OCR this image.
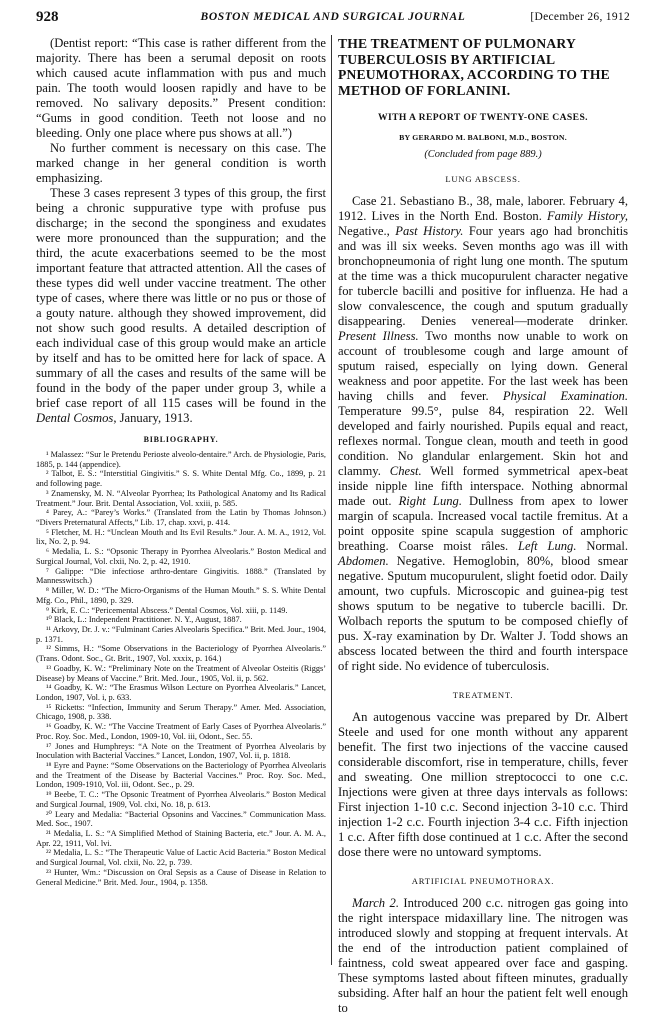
928	BOSTON MEDICAL AND SURGICAL JOURNAL	[December 26, 1912

(Dentist report: “This case is rather different from the majority. There has been a serumal deposit on roots which caused acute inflammation with pus and much pain. The tooth would loosen rapidly and have to be removed. No salivary deposits.” Present condition: “Gums in good condition. Teeth not loose and no bleeding. Only one place where pus shows at all.”)

No further comment is necessary on this case. The marked change in her general condition is worth emphasizing.

These 3 cases represent 3 types of this group, the first being a chronic suppurative type with profuse pus discharge; in the second the sponginess and exudates were more pronounced than the suppuration; and the third, the acute exacerbations seemed to be the most important feature that attracted attention. All the cases of these types did well under vaccine treatment. The other type of cases, where there was little or no pus or those of a gouty nature. although they showed improvement, did not show such good results. A detailed description of each individual case of this group would make an article by itself and has to be omitted here for lack of space. A summary of all the cases and results of the same will be found in the body of the paper under group 3, while a brief case report of all 115 cases will be found in the Dental Cosmos, January, 1913.

BIBLIOGRAPHY.

¹ Malassez: “Sur le Pretendu Perioste alveolo-dentaire.” Arch. de Physiologie, Paris, 1885, p. 144 (appendice).

² Talbot, E. S.: “Interstitial Gingivitis.” S. S. White Dental Mfg. Co., 1899, p. 21 and following page.

³ Znamensky, M. N. “Alveolar Pyorrhea; Its Pathological Anatomy and Its Radical Treatment.” Jour. Brit. Dental Association, Vol. xxiii, p. 585.

⁴ Parey, A.: “Parey’s Works.” (Translated from the Latin by Thomas Johnson.) “Divers Preternatural Affects,” Lib. 17, chap. xxvi, p. 414.

⁵ Fletcher, M. H.: “Unclean Mouth and Its Evil Results.” Jour. A. M. A., 1912, Vol. lix, No. 2, p. 94.

⁶ Medalia, L. S.: “Opsonic Therapy in Pyorrhea Alveolaris.” Boston Medical and Surgical Journal, Vol. clxii, No. 2, p. 42, 1910.

⁷ Galippe: “Die infectiose arthro-dentare Gingivitis. 1888.” (Translated by Mannesswitsch.)

⁸ Miller, W. D.: “The Micro-Organisms of the Human Mouth.” S. S. White Dental Mfg. Co., Phil., 1890, p. 329.

⁹ Kirk, E. C.: “Pericemental Abscess.” Dental Cosmos, Vol. xiii, p. 1149.

¹⁰ Black, L.: Independent Practitioner. N. Y., August, 1887.

¹¹ Arkovy, Dr. J. v.: “Fulminant Caries Alveolaris Specifica.” Brit. Med. Jour., 1904, p. 1371.

¹² Simms, H.: “Some Observations in the Bacteriology of Pyorrhea Alveolaris.” (Trans. Odont. Soc., Gt. Brit., 1907, Vol. xxxix, p. 164.)

¹³ Goadby, K. W.: “Preliminary Note on the Treatment of Alveolar Osteitis (Riggs’ Disease) by Means of Vaccine.” Brit. Med. Jour., 1905, Vol. ii, p. 562.

¹⁴ Goadby, K. W.: “The Erasmus Wilson Lecture on Pyorrhea Alveolaris.” Lancet, London, 1907, Vol. i, p. 633.

¹⁵ Ricketts: “Infection, Immunity and Serum Therapy.” Amer. Med. Association, Chicago, 1908, p. 338.

¹⁶ Goadby, K. W.: “The Vaccine Treatment of Early Cases of Pyorrhea Alveolaris.” Proc. Roy. Soc. Med., London, 1909-10, Vol. iii, Odont., Sec. 55.

¹⁷ Jones and Humphreys: “A Note on the Treatment of Pyorrhea Alveolaris by Inoculation with Bacterial Vaccines.” Lancet, London, 1907, Vol. ii, p. 1818.

¹⁸ Eyre and Payne: “Some Observations on the Bacteriology of Pyorrhea Alveolaris and the Treatment of the Disease by Bacterial Vaccines.” Proc. Roy. Soc. Med., London, 1909-1910, Vol. iii, Odont. Sec., p. 29.

¹⁹ Beebe, T. C.: “The Opsonic Treatment of Pyorrhea Alveolaris.” Boston Medical and Surgical Journal, 1909, Vol. clxi, No. 18, p. 613.

²⁰ Leary and Medalia: “Bacterial Opsonins and Vaccines.” Communication Mass. Med. Soc., 1907.

²¹ Medalia, L. S.: “A Simplified Method of Staining Bacteria, etc.” Jour. A. M. A., Apr. 22, 1911, Vol. lvi.

²² Medalia, L. S.: “The Therapeutic Value of Lactic Acid Bacteria.” Boston Medical and Surgical Journal, Vol. clxii, No. 22, p. 739.

²³ Hunter, Wm.: “Discussion on Oral Sepsis as a Cause of Disease in Relation to General Medicine.” Brit. Med. Jour., 1904, p. 1358.

THE TREATMENT OF PULMONARY TUBERCULOSIS BY ARTIFICIAL PNEUMOTHORAX, ACCORDING TO THE METHOD OF FORLANINI.
WITH A REPORT OF TWENTY-ONE CASES.
BY GERARDO M. BALBONI, M.D., BOSTON.
(Concluded from page 889.)
LUNG ABSCESS.

Case 21. Sebastiano B., 38, male, laborer. February 4, 1912. Lives in the North End. Boston. Family History, Negative., Past History. Four years ago had bronchitis and was ill six weeks. Seven months ago was ill with bronchopneumonia of right lung one month. The sputum at the time was a thick mucopurulent character negative for tubercle bacilli and positive for influenza. He had a slow convalescence, the cough and sputum gradually disappearing. Denies venereal—moderate drinker. Present Illness. Two months now unable to work on account of troublesome cough and large amount of sputum raised, especially on lying down. General weakness and poor appetite. For the last week has been having chills and fever. Physical Examination. Temperature 99.5°, pulse 84, respiration 22. Well developed and fairly nourished. Pupils equal and react, reflexes normal. Tongue clean, mouth and teeth in good condition. No glandular enlargement. Skin hot and clammy. Chest. Well formed symmetrical apex-beat inside nipple line fifth interspace. Nothing abnormal made out. Right Lung. Dullness from apex to lower margin of scapula. Increased vocal tactile fremitus. At a point opposite spine scapula suggestion of amphoric breathing. Coarse moist râles. Left Lung. Normal. Abdomen. Negative. Hemoglobin, 80%, blood smear negative. Sputum mucopurulent, slight foetid odor. Daily amount, two cupfuls. Microscopic and guinea-pig test shows sputum to be negative to tubercle bacilli. Dr. Wolbach reports the sputum to be composed chiefly of pus. X-ray examination by Dr. Walter J. Todd shows an abscess located between the third and fourth interspace of right side. No evidence of tuberculosis.

TREATMENT.

An autogenous vaccine was prepared by Dr. Albert Steele and used for one month without any apparent benefit. The first two injections of the vaccine caused considerable discomfort, rise in temperature, chills, fever and sweating. One million streptococci to one c.c. Injections were given at three days intervals as follows: First injection 1-10 c.c. Second injection 3-10 c.c. Third injection 1-2 c.c. Fourth injection 3-4 c.c. Fifth injection 1 c.c. After fifth dose continued at 1 c.c. After the second dose there were no untoward symptoms.

ARTIFICIAL PNEUMOTHORAX.

March 2. Introduced 200 c.c. nitrogen gas going into the right interspace midaxillary line. The nitrogen was introduced slowly and stopping at frequent intervals. At the end of the introduction patient complained of faintness, cold sweat appeared over face and gasping. These symptoms lasted about fifteen minutes, gradually subsiding. After half an hour the patient felt well enough to
